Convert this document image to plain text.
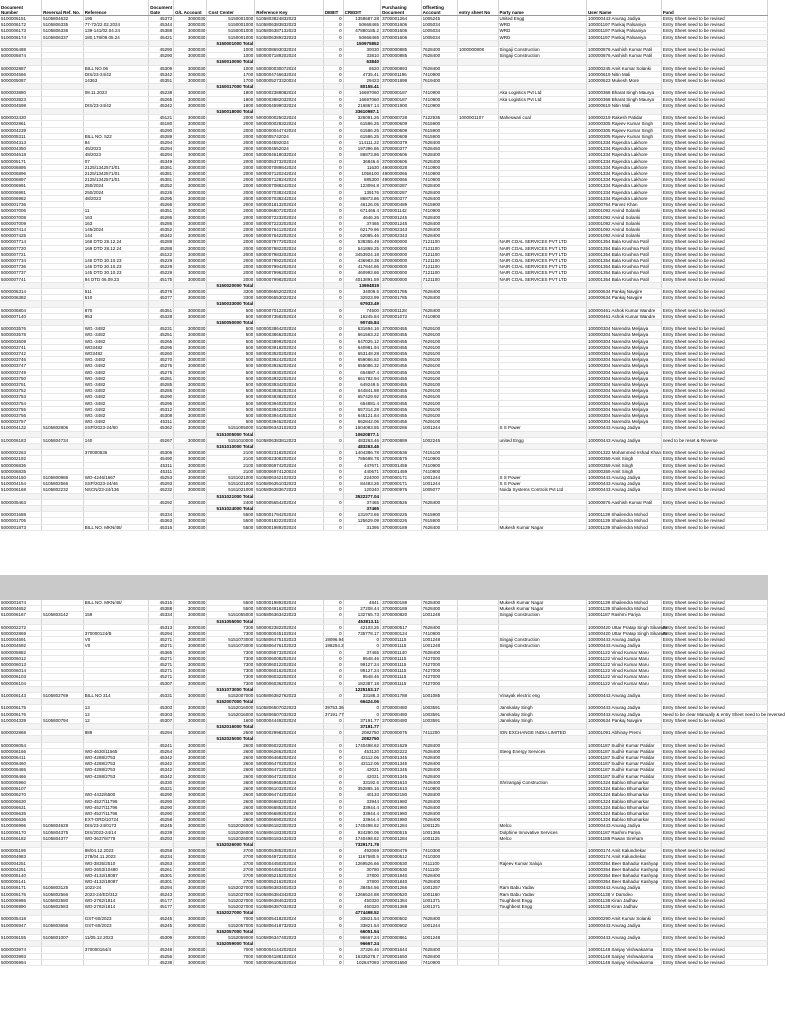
Document Number	Reversal Ref. No.	Reference	Document Date	G/L Account	Cost Center	Reference Key	DEBIT	CREDIT	Purchasing Document	Offsetting Account	entry sheet No	Party name	User Name	Fund
5100006151	5105804632	195	45373	3000030	5150001000	5105803824832023	0	1358687.28	3700001264	1005245		United Engg	100000443 Anurag Jadiya	Entry Sheet need to be revised
5100006172	5105806335	77-72/22.02.2024	45344	3000030	5150001000	5105806383832023	0	50668465	3700001606	1005034		WRD	100001197 Pankaj Palsaniya	Entry Sheet need to be revised
5100006173	5105806336	139-141/02.04.24	45388	3000030	5150001000	5105806387132023	0	47880185.2	3700001606	1005034		WRD	100001197 Pankaj Palsaniya	Entry Sheet need to be revised
5100006174	5105806337	180,178/09.05.24	45421	3000030	5150001000	5105806389232023	0	50668465	3700001606	1005034		WRD	100001197 Pankaj Palsaniya	Entry Sheet need to be revised
					5150001000 Total			150975852						
5000006488			45290	3000030	1000	5000008693032024	0	30030	3700000885	7628400	1000000808	Singaji Construction	100000876 Aashish Kumar Patil	Entry Sheet need to be revised
5000006874			45290	3000030	1000	5000007189202024	0	33810	3700000885	7628400		Singaji Construction	100000876 Aashish Kumar Patil	Entry Sheet need to be revised
					5150010000 Total			63840						
5000002887		BILL NO.06	45309	3000030	1000	5000000030072024	0	6520	3700000893	7628400			100000245 Amit Kumar Solanki	Entry Sheet need to be revised
5000004566		DIS/23-24/42	45342	3000030	1700	5000004746632024	0	4735.41	3700001196	7410900			100000619 Nitin Mali	Entry Sheet need to be revised
5000005087		14363	45351	3000030	1700	5000005273320024	0	29423	3700001898	7619400			100000623 Mukesh More	Entry Sheet need to be revised
					5150017000 Total			80155.41						
5000003880		08.11.2023	45238	3000030	1800	5000002388082024	0	16697060	3700000187	7410900		Aka Logistics Pvt Ltd	100000368 Bharat Singh Maurya	Entry Sheet need to be revised
5000003823			45265	3000030	1800	5000003882032024	0	16697060	3700000187	7410900		Aka Logistics Pvt Ltd	100000368 Bharat Singh Maurya	Entry Sheet need to be revised
5000004598		DIS/23-24/42	45342	3000030	1800	5000004599032024	0	216867.14	3700001900	7410900			100000619 Nitin Mali	Entry Sheet need to be revised
					5150018000 Total			33610987.1						
5000002430			45121	3000030	2000	5000000025022024	0	326091.26	3700000728	7122935	1000001107	Maheswari coal	100000219 Rakesh Patidar	Entry Sheet need to be revised
5000002861			45180	3000030	2000	5000000028322024	0	61586.25	3700000609	7615900			100000305 Rajeev Kumar Singh	Entry Sheet need to be revised
5000004239			45290	3000030	2000	5000000044742024	0	61586.25	3700000609	7615900			100000305 Rajeev Kumar Singh	Entry Sheet need to be revised
5000005311		BILL NO. 522	45289	3000030	2000	5000005742024	0	61586.25	3700000609	7615900			100000305 Rajeev Kumar Singh	Entry Sheet need to be revised
5000004313		84	45294	3000030	2000	5000004592024	0	114111.22	3700000379	7628400			100001334 Rajendra Lakhore	Entry Sheet need to be revised
5000004350		45/2023	45294	3000030	2000	5000004552024	0	197396.86	3700000377	7628450			100001334 Rajendra Lakhore	Entry Sheet need to be revised
5000004618		48/2023	45294	3000030	2000	5000004618032024	0	86873.86	3700000606	7628400			100001334 Rajendra Lakhore	Entry Sheet need to be revised
5000005171		07	45349	3000030	2000	5000005373202024	0	36846.6	3700000606	7628400			100001334 Rajendra Lakhore	Entry Sheet need to be revised
5000006895		2125/1342571/01	45381	3000030	2000	5000007089842024	0	11630	4900000028	7410900			100001334 Rajendra Lakhore	Entry Sheet need to be revised
5000006896		2125/1342571/01	45381	3000030	2000	5000007120242024	0	1056100	4900000066	7410900			100001334 Rajendra Lakhore	Entry Sheet need to be revised
5000006897		2125/1342571/01	45381	3000030	2000	5000007128242024	0	885300	4900000066	7410900			100001334 Rajendra Lakhore	Entry Sheet need to be revised
5000006991		250/2024	45252	3000030	2000	5000007088242024	0	123094.8	3700000287	7628400			100001334 Rajendra Lakhore	Entry Sheet need to be revised
5000006981		250/2024	45226	3000030	2000	5000007038242024	0	139176	3700000287	7628400			100001334 Rajendra Lakhore	Entry Sheet need to be revised
5000006982		48/2023	45295	3000030	2000	5000007038242024	0	86873.86	3700000377	7628400			100001334 Rajendra Lakhore	Entry Sheet need to be revised
5000001736			45266	3000030	2000	5000001813202024	0	46126.05	3700000489	7615900			100000764 Parvez Khan	Entry Sheet need to be revised
5000007006		11	45351	3000030	2000	5000006807202024	0	671466.4	3700001142	7410900			100001092 Arvind Solanki	Entry Sheet need to be revised
5000007008		163	45286	3000030	2000	5000007223202024	0	4646.26	3700001245	7628400			100001092 Arvind Solanki	Entry Sheet need to be revised
5000007009		163	45286	3000030	2000	5000007223202024	0	37465	3700001245	7628400			100001092 Arvind Solanki	Entry Sheet need to be revised
5000007414		145/2024	45352	3000030	2000	5000007641202024	0	62179.96	3700002343	7628400			100001092 Arvind Solanki	Entry Sheet need to be revised
5000007425		144	45342	3000030	2000	5000007642202024	0	62085.46	3700002343	7628400			100001092 Arvind Solanki	Entry Sheet need to be revised
5000007714		168 DTD 28.12.24	45288	3000030	2000	5000007977202024	0	538355.49	3700000000	7121100		NAIR COAL SERVICES PVT LTD	100001354 Bala Krushna Patil	Entry Sheet need to be revised
5000007720		169 DTD 28.12.24	45288	3000030	2000	5000007982202024	0	541869.25	3700000000	7121100		NAIR COAL SERVICES PVT LTD	100001354 Bala Krushna Patil	Entry Sheet need to be revised
5000007721			45122	3000030	2000	5000007983202024	0	3453924.18	3700000000	7121100		NAIR COAL SERVICES PVT LTD	100001354 Bala Krushna Patil	Entry Sheet need to be revised
5000007734		146 DTD 30.10.23	45229	3000030	2000	5000007992202024	0	436983.38	3700000000	7121100		NAIR COAL SERVICES PVT LTD	100001354 Bala Krushna Patil	Entry Sheet need to be revised
5000007736		146 DTD 30.10.23	45229	3000030	2000	5000007994202024	0	417844.86	3700000000	7121100		NAIR COAL SERVICES PVT LTD	100001354 Bala Krushna Patil	Entry Sheet need to be revised
5000007737		145 DTD 30.10.23	45229	3000030	2000	5000007996202024	0	460993.86	3700000000	7121100		NAIR COAL SERVICES PVT LTD	100001354 Bala Krushna Patil	Entry Sheet need to be revised
5000007741		94 DTD 06.09.23	45175	3000030	2000	5000007998202024	0	4013891.59	3700000000	7121100		NAIR COAL SERVICES PVT LTD	100001354 Bala Krushna Patil	Entry Sheet need to be revised
					5150020000 Total			13694819						
5000006314		511	45376	3000030	3300	5000006552022024	0	34009.5	3700001785	7628400			100000634 Pankaj Navgire	Entry Sheet need to be revised
5000006382		510	45377	3000030	3300	5000006553022024	0	32923.99	3700001785	7628400			100000634 Pankaj Navgire	Entry Sheet need to be revised
					5150033000 Total			67933.49						
5000006804		870	45351	3000030	500	5000007012202024	0	74500	3700001128	7628400			100000461 Ashok Kumar Wandre	Entry Sheet need to be revised
5000007140		953	45328	3000030	500	5000007358202024	0	16245.84	3700001072	7410900			100000461 Ashok Kumar Wandre	Entry Sheet need to be revised
					5150050000 Total			90745.84						
5000003576		WO.-3482	45231	3000030	500	5000003864202024	0	631694.16	3700000455	7629100			100000304 Narendra Meljaiya	Entry Sheet need to be revised
5000003578		WO.-3482	45251	3000030	500	5000003866202024	0	661563.22	3700000455	7629100			100000304 Narendra Meljaiya	Entry Sheet need to be revised
5000003609		WO.-3482	45265	3000030	500	5000003899202024	0	647025.12	3700000455	7629100			100000304 Narendra Meljaiya	Entry Sheet need to be revised
5000003741		WO3482	45295	3000030	500	5000003918202024	0	640981.94	3700000455	7629100			100000304 Narendra Meljaiya	Entry Sheet need to be revised
5000003742		WO3482	45260	3000030	500	5000003920202024	0	653148.28	3700000455	7629100			100000304 Narendra Meljaiya	Entry Sheet need to be revised
5000003746		WO.-3482	45270	3000030	500	5000003924202024	0	659066.82	3700000455	7629100			100000304 Narendra Meljaiya	Entry Sheet need to be revised
5000003747		WO.-3482	45276	3000030	500	5000003926202024	0	655086.32	3700000455	7629100			100000304 Narendra Meljaiya	Entry Sheet need to be revised
5000003749		WO.-3482	45275	3000030	500	5000003930202024	0	654887.4	3700000455	7629100			100000304 Narendra Meljaiya	Entry Sheet need to be revised
5000003750		WO.-3482	45281	3000030	500	5000003932202024	0	661782.94	3700000455	7629100			100000304 Narendra Meljaiya	Entry Sheet need to be revised
5000003751		WO.-3482	45285	3000030	500	5000003934202024	0	649249.5	3700000455	7629100			100000304 Narendra Meljaiya	Entry Sheet need to be revised
5000003752		WO.-3482	45285	3000030	500	5000003936202024	0	644841.88	3700000455	7629100			100000304 Narendra Meljaiya	Entry Sheet need to be revised
5000003753		WO.-3482	45290	3000030	500	5000003938202024	0	657429.92	3700000455	7629100			100000304 Narendra Meljaiya	Entry Sheet need to be revised
5000003754		WO.-3482	45295	3000030	500	5000003940202024	0	654881.4	3700000455	7629100			100000304 Narendra Meljaiya	Entry Sheet need to be revised
5000003755		WO.-3482	45312	3000030	500	5000003942202024	0	657314.28	3700000455	7629100			100000304 Narendra Meljaiya	Entry Sheet need to be revised
5000003756		WO.-3482	45308	3000030	500	5000003944202024	0	645121.64	3700000455	7629100			100000304 Narendra Meljaiya	Entry Sheet need to be revised
5000003757		WO.-3482	45311	3000030	500	5000003946202024	0	662842.06	3700000455	7629100			100000304 Narendra Meljaiya	Entry Sheet need to be revised
5100004132	5105802806	SSP/2023-24/60	45362	3000030	5151005000	5105806343102023	0	1504083.55	3700000286	1001244		S S Power	100000443 Anurag Jadiya	Entry Sheet need to be revised
					5151005000 Total			10620877.1						
5100006183	5105804734	140	45267	3000030	5151010000	5105806383812023	0	483263.46	3700000889	1002245		united Engg	100000443 Anurag Jadiya	need to be reset & Reverse
					5151010000 Total			483263.46						
5000002263		370000536	45306	3000030	2100	5000002318202024	0	1404386.78	3700000536	7415100			100001322 Mohammed Irshad Khan	Entry Sheet need to be revised
5000002192			45490	3000030	2100	5000002308202024	0	785698.78	3700000575	7410900			100000359 Amit Singh	Entry Sheet need to be revised
5000006836			45311	3000030	2100	5000006974202024	0	447671	3700001459	7410900			100000359 Amit Singh	Entry Sheet need to be revised
5000006835			45311	3000030	2100	5000006974120024	0	440671	3700001459	7410900			100000359 Amit Singh	Entry Sheet need to be revised
5100004150	5105800986	WO-4246/1667	45253	3000030	5151021000	5105806342102023	0	224000	3700000171	1001244		S S Power	100000443 Anurag Jadiya	Entry Sheet need to be revised
5100004154	5105802566	SSP/2023-24/46	45293	3000030	5151021000	5105806351032023	0	84483.26	3700000171	1001244		S S Power	100000443 Anurag Jadiya	Entry Sheet need to be revised
5100006168	5105802232	NSCN/23-24/136	45232	3000030	5151021000	5105806383672023	0	120340	3700000976	1005077		Noida Systems Controls Pvt Ltd	100000443 Anurag Jadiya	Entry Sheet need to be revised
					5151021000 Total			3522277.04						
5000005463			45292	3000030	2400	5000005654202024	0	37465	3700000526	7628400			100000876 Aashish Kumar Patil	Entry Sheet need to be revised
					5151024000 Total			37465						
5000001688			45334	3000030	5500	5000001794202024	0	131973.65	3700000226	7615900			100001139 Shailendra Mohod	Entry Sheet need to be revised
5000001705			45363	3000030	5500	5000001822202024	0	125629.09	3700000226	7615900			100001139 Shailendra Mohod	Entry Sheet need to be revised
5000001873		BILL NO. MKN/48/	45316	3000030	5500	5000001989202024	0	31395	3700000189	7628400		Mukesh Kumar Nagar	100001139 Shailendra Mohod	Entry Sheet need to be revised
5000001874		BILL NO. MKN/48/	45315	3000030	5500	5000001989202024	0	4841	3700000189	7628400		Mukesh Kumar Nagar	100001139 Shailendra Mohod	Entry Sheet need to be revised
5000004652			45388	3000030	5500	5000004916202024	0	27208.44	3700000189	7628400		Mukesh Kumar Nagar	100001139 Shailendra Mohod	Entry Sheet need to be revised
5100006167	5105803142	159	45334	3000030	5151055000	5105806363422023	0	132765.73	3700000820	1001248		Singaji Construction	100001187 Rashmi Pariya	Entry Sheet need to be revised
					5151055000 Total			453813.11						
5000002272			45313	3000030	7300	5000002382202024	0	42103.25	3700000517	7628400			100000420 Uttar Pratap Singh Sikarwar	Entry Sheet need to be revised
5000002869		370000124/B	45294	3000030	7300	5000000045102024	0	735778.17	3700000124	7410900			100000420 Uttar Pratap Singh Sikarwar	Entry Sheet need to be revised
5100004591		V0	45271	3000030	5151073000	5105806475102023	19096.94	0	3700001115	1001248		Singaji Construction	100000443 Anurag Jadiya	Entry Sheet need to be revised
5100004592		V0	45271	3000030	5151073000	5105806476102023	198254.2	0	3700001115	1001248		Singaji Construction	100000443 Anurag Jadiya	Entry Sheet need to be revised
5000005882			45365	3000030	7300	5000005873202024	0	37465	3700001140	7628400			100001122 Vinod Kumar Maru	Entry Sheet need to be revised
5000006012			45271	3000030	7300	5000006008202024	0	9548.46	3700001115	7427000			100001122 Vinod Kumar Maru	Entry Sheet need to be revised
5000006013			45271	3000030	7300	5000006012202024	0	99127.24	3700001115	7427000			100001122 Vinod Kumar Maru	Entry Sheet need to be revised
5000006014			45271	3000030	7300	5000006016202024	0	99127.24	3700001115	7427000			100001122 Vinod Kumar Maru	Entry Sheet need to be revised
5000006103			45271	3000030	7300	5000006032202024	0	9548.46	3700001115	7427000			100001122 Vinod Kumar Maru	Entry Sheet need to be revised
5000006104			45307	3000030	7300	5000006036202024	0	182387.18	3700001115	7427000			100001122 Vinod Kumar Maru	Entry Sheet need to be revised
					5151073000 Total			1225153.17						
5100006143	5105802769	BILL NO 314	45331	3000030	5152007000	5105806382762023	0	33188.3	3700001788	1001085		Vinayak electric eng	100000443 Anurag Jadiya	Entry Sheet need to be revised
					5152007000 Total			66424.06						
5100006175		13	45303	3000030	5152016000	5105806507022023	39753.36	0	3700000480	1003591		Jannkalay Singh	100000443 Anurag Jadiya	Entry Sheet need to be revised
5100006176		12	45303	3000030	5152016000	5105806507032023	37191.77	0	3700000480	1003591		Jannkalay Singh	100000443 Anurag Jadiya	Need to be clear Manually & entry Sheet need to be reversed
5100004339	5105800794	12	45307	3000030	1600	5000004449202024	0	37191.77	3700000480	1003591		Jannkalay Singh	100000634 Pankaj Navgire	Entry Sheet need to be revised
					5152016000 Total			37191.77						
5000002868		889	45294	3000030	2500	5000002998202024	0	2082750	3700000075	7411200		ION EXCHANGE INDIA LIMITED	100001091 Abhinay Premi	Entry Sheet need to be revised
					5152025000 Total			2082750						
5000006054			45241	3000030	2600	5000006022202024	0	1740498.62	3700001629	7628400			100001187 Sudhir Kumar Patidar	Entry Sheet need to be revised
5000006166		WO-4630/11565	45264	3000030	2600	5000006266202024	0	453120	3700002222	7628400		Steeg Energy Services	100001187 Sudhir Kumar Patidar	Entry Sheet need to be revised
5000006411		WO-4288/2753	45342	3000030	2600	5000006468202024	0	42112.06	3700001345	7628400			100001187 Sudhir Kumar Patidar	Entry Sheet need to be revised
5000006460		WO-4288/2753	45342	3000030	2600	5000006470202024	0	42112.06	3700001345	7628400			100001187 Sudhir Kumar Patidar	Entry Sheet need to be revised
5000006465		WO-4288/2753	45342	3000030	2600	5000006471202024	0	42021	3700001345	7628400			100001187 Sudhir Kumar Patidar	Entry Sheet need to be revised
5000006466		WO-4288/2753	45342	3000030	2600	5000006472202024	0	42021	3700001345	7628400			100001187 Sudhir Kumar Patidar	Entry Sheet need to be revised
5000005960			45330	3000030	2600	5000005968202024	0	33192.6	3700001610	7628400		Shrirangaji Construction	100001324 Babloo Bhumarkar	Entry Sheet need to be revised
5000006107			45321	3000030	2600	5000006103202024	0	352885.16	3700001610	7410900			100001324 Babloo Bhumarkar	Entry Sheet need to be revised
5000006270		WO-4432/6500	45290	3000030	2600	5000006474202024	0	40133	3700002180	7628400			100001324 Babloo Bhumarkar	Entry Sheet need to be revised
5000006630		WO-4527/11796	45290	3000030	2600	5000006683202024	0	33944	3700001980	7628400			100001324 Babloo Bhumarkar	Entry Sheet need to be revised
5000006631		WO-4527/11796	45290	3000030	2600	5000006685202024	0	33944.4	3700001980	7628400			100001324 Babloo Bhumarkar	Entry Sheet need to be revised
5000006635		WO-4527/11796	45290	3000030	2600	5000006689202024	0	33944.4	3700001980	7628400			100001324 Babloo Bhumarkar	Entry Sheet need to be revised
5000006636		EXT-ORD/10724	45258	3000030	2600	5000006690202024	0	33944.4	3700001980	7628400			100001324 Babloo Bhumarkar	Entry Sheet need to be revised
5100006996	5105804628	DIS/23-24/0173	45245	3000030	5152026000	5105806182302023	0	1740498.62	3700001284	1001125		Melco	100000443 Anurag Jadiya	Entry Sheet need to be revised
5100006170	5105804375	DIS/2023-24/14	45239	3000030	5152026000	5105806183302023	0	924290.06	3700000515	1001365		Dolphine Innovative Services	100001187 Rashmi Pariya	Entry Sheet need to be revised
5100006182	5105804377	WO-3637/8778	45293	3000030	5152026000	5105806183432023	0	1740498.62	3700001284	1001125		Melco	100001188 Pawan Sireham	Entry Sheet need to be revised
					5152026000 Total			7329171.78						
5000005195		88/04.12.2023	45258	3000030	2700	5000005385202024	0	492069	3700000479	7410300			100000174 Amit Kalundrekar	Entry Sheet need to be revised
5000004983		278/04.11.2023	45234	3000030	2700	5000004972202024	0	1167580.5	3700000512	7410300			100000174 Amit Kalundrekar	Entry Sheet need to be revised
5000004251		WO-3835/2510	45263	3000030	2700	5000004450202024	0	1269526.66	3700000530	7411100		Rajeev Kumar Saluja	100000354 Beer Bahadur Kashyap	Entry Sheet need to be revised
5000004251		WO-2653/10480	45261	3000030	2700	5000004455202024	0	30780	3700000530	7411100			100000354 Beer Bahadur Kashyap	Entry Sheet need to be revised
5000005140		WO-4132/18087	45301	3000030	2700	5000005215202024	0	37800	3700001840	7628400			100000354 Beer Bahadur Kashyap	Entry Sheet need to be revised
5000005141		WO-4132/18087	45301	3000030	2700	5000005216202024	0	37800	3700001840	7628400			100000354 Beer Bahadur Kashyap	Entry Sheet need to be revised
5100006171	5105803125	1023-24	45294	3000030	5152027000	5105806383402023	0	38454.56	3700001266	1001257		Ram Babu Yadav	100000443 Anurag Jadiya	Entry Sheet need to be revised
5100006176	5105802566	2023-24/ED/312	45243	3000030	5152027000	5105806384342023	0	1266524.88	3700000520	1001160		Ram Babu Yadav	100001138 V Damdeo	Entry Sheet need to be revised
5100006986	5105802580	WO-2782/1814	45177	3000030	5152027000	5105806384632023	0	450320	3700001384	1001371		Toughbest Engg	100001138 Kiran Jadhav	Entry Sheet need to be revised
5100006990	5105802583	WO-2782/1814	45177	3000030	5152027000	5105806387032023	0	450320	3700001388	1001371		Toughbest Engg	100001138 Kiran Jadhav	Entry Sheet need to be revised
					5152027000 Total			4774498.52						
5000005418		GST-60/2023	45245	3000030	7000	5000005418202024	0	33821.54	3700000502	7628400			100000290 Amit Kumar Solanki	Entry Sheet need to be revised
5100006947	5105803656	GST-60/2023	45245	3000030	5152057000	5105806418732023	0	33821.54	3700000602	1001244			100000443 Anurag Jadiya	Entry Sheet need to be revised
					5152057000 Total			66051.54						
5100006155	5105801007	11/05.12.2023	45309	3000030	5152059000	5105806347402023	0	96667.24	3700000861	1001248			100000443 Anurag Jadiya	Entry Sheet need to be revised
					5152059000 Total			96667.24						
5000003974		370000164/4	45248	3000030	7000	5000004144202024	0	37326.46	3700001644	7628400			100001148 Sanjay Vishwakarma	Entry Sheet need to be revised
5000003993			45256	3000030	7000	5000004188102024	0	16335278.7	3700001650	7628400			100001148 Sanjay Vishwakarma	Entry Sheet need to be revised
5000006994			45238	3000030	7000	5000006105202024	0	102847083	3700001650	7410900			100001148 Sanjay Vishwakarma	Entry Sheet need to be revised
